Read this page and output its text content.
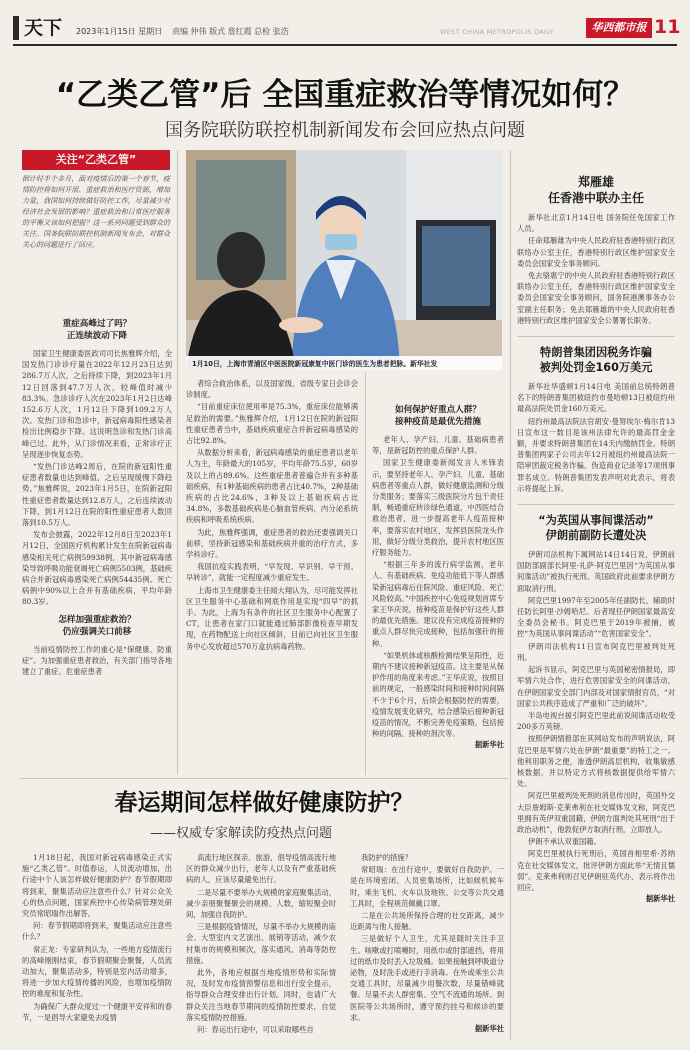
天下 2023年1月15日 星期日 责编 仲伟 版式 詹红霞 总检 张浩	WEST CHINA METROPOLIS DAILY	华西都市报 11
“乙类乙管”后 全国重症救治等情况如何？
国务院联防联控机制新闻发布会回应热点问题
关注“乙类乙管”
倒计时半个多月，面对疫情后的第一个春节，疫情防控将如何开展、重症救治和医疗资源，增加力量，我国如何持续做好防控工作，尽量减少对经济社会发展的影响？重症救治和日常医疗服务的平衡又该如何把握？这一系列问题受到群众的关注。国务院联防联控机制新闻发布会，对群众关心的问题进行了回应。
1月10日，上海市青浦区中医医院新冠康复中医门诊的医生为患者把脉。新华社发
重症高峰过了吗？
正连续波动下降
国家卫生健康委医政司司长焦雅辉介绍，全国发热门诊诊疗量在2022年12月23日达到286.7万人次，之后持续下降，到2023年1月12日回落到47.7万人次，较峰值时减少83.3%。急诊诊疗人次在2023年1月2日达峰152.6万人次，1月12日下降到109.2万人次。发热门诊和急诊中，新冠病毒阳性感染者检出比例稳步下降。这说明急诊和发热门诊高峰已过。此外，从门诊情况来看，正常诊疗正呈现逐步恢复态势。
“发热门诊达峰2周后，在院的新冠阳性重症患者数量也达到峰值，之后呈现缓慢下降趋势。”焦雅辉说，2023年1月5日，在院新冠阳性重症患者数量达到12.8万人，之后连续波动下降，到1月12日在院的阳性重症患者人数回落到10.5万人。
发布会披露，2022年12月8日至2023年1月12日，全国医疗机构累计发生在院新冠病毒感染相关死亡病例59938例，其中新冠病毒感染导致呼吸功能衰竭死亡病例5503例，基础疾病合并新冠病毒感染死亡病例54435例。死亡病例中90%以上合并有基础疾病，平均年龄80.3岁。
怎样加强重症救治？
仍应强调关口前移
当前疫情防控工作的重心是“保健康、防重症”。为加强重症患者救治，有关部门指导各地建立了重症、危重症患者
者综合救治体系，以及国家级、省级专家日会诊会诊制度。
“目前重症床位使用率是75.3%，重症床位能够满足救治的需要。”焦雅辉介绍，1月12日在院的新冠阳性重症患者当中，基础疾病重症合并新冠病毒感染的占比92.8%。
从数据分析来看，新冠病毒感染的重症患者以老年人为主，年龄最大的105岁，平均年龄75.5岁，60岁及以上的占89.6%。这些重症患者普遍合并有多种基础疾病，有1种基础疾病的患者占比40.7%，2种基础疾病的占比24.6%，3种及以上基础疾病占比34.8%，多数基础疾病是心脑血管疾病，内分泌系统疾病和呼吸系统疾病。
为此，焦雅辉强调，重症患者的救治还要强调关口前移，坚持新冠感染和基础疾病并重的治疗方式，多学科诊疗。
我国抗疫实践表明，“早发现、早识别、早干预、早转诊”，就能一定程度减少重症发生。
上海市卫生健康委主任闻大翔认为，尽可能发挥社区卫生服务中心基础和网底作用是实现“四早”的抓手。为此，上海为有条件的社区卫生服务中心配置了CT，让患者在家门口就能通过肺部影像检查早期发现，在药物配送上向社区倾斜，目前已向社区卫生服务中心发放超过570万盒抗病毒药物。
如何保护好重点人群？
接种疫苗是最优先措施
老年人、孕产妇、儿童、基础病患者等，是新冠防控的重点保护人群。
国家卫生健康委新闻发言人米锋表示，要坚持老年人、孕产妇、儿童、基础病患者等重点人群，做好健康监测和分级分类服务；要落实三级医院分片包干责任制，畅通重症转诊绿色通道，中西医结合救治患者，进一步提高老年人疫苗接种率，要落实农村地区，发挥县医院龙头作用，做好分级分类救治，提升农村地区医疗服务能力。
“根据三年多的流行病学监测，老年人、有基础疾病、免疫功能低下等人群感染新冠病毒后住院风险、重症风险、死亡风险较高。”中国疾控中心免疫规划首席专家王华庆说，接种疫苗是保护好这些人群的最优先措施。建议没有完成疫苗接种的重点人群尽快完成接种，包括加强针的接种。
“如果机体或核酸检测结果呈阳性，近期内不建议接种新冠疫苗。这主要是从保护作用的角度来考虑。”王华庆说，按照目前的规定，一般感染时间和接种时间间隔不少于6个月，后续会根据防控的需要，疫情发展变化研究，结合感染后接种新冠疫苗的情况，不断完善免疫策略，包括接种的间隔、接种的剂次等。
据新华社
郑雁雄
任香港中联办主任
新华社北京1月14日电 国务院任免国家工作人员。
任命郑雁雄为中央人民政府驻香港特别行政区联络办公室主任，香港特别行政区维护国家安全委员会国家安全事务顾问。
免去骆惠宁的中央人民政府驻香港特别行政区联络办公室主任，香港特别行政区维护国家安全委员会国家安全事务顾问，国务院港澳事务办公室副主任职务；免去郑雁雄的中央人民政府驻香港特别行政区维护国家安全公署署长职务。
特朗普集团因税务诈骗
被判处罚金160万美元
新华社华盛顿1月14日电 美国前总统特朗普名下的特朗普集团被纽约市曼哈顿13日被纽约州最高法院处罚金160万美元。
纽约州最高法院法官胡安·曼努埃尔·梅尔肯13日宣布这一数目是该州法律允许的最高罚金金额，并要求特朗普集团在14天内缴纳罚金。特朗普集团两家子公司去年12月被纽约州最高法院一陪审团裁定税务诈骗、伪造商业记录等17项刑事罪名成立。特朗普集团发表声明对此表示，将表示将提起上诉。
“为英国从事间谍活动”
伊朗前副防长遭处决
伊朗司法机构下属网站14日14日说，伊朗前国防部副部长阿里·礼萨·阿克巴里因“为英国从事间谍活动”被执行死刑。英国政府此前要求伊朗方面取消行刑。
阿克巴里1997年至2005年任副防长，辅助时任防长阿里·沙姆哈尼。后者现任伊朗国家最高安全委员会秘书。阿克巴里于2019年被捕，被控“为英国从事间谍活动”“危害国家安全”。
伊朗司法机构11日宣布阿克巴里被判处死刑。
起诉书显示，阿克巴里与英国秘密情报局，即军情六处合作，进行危害国家安全的间谍活动，在伊朗国家安全部门内部及对国家情报官员，“对国家公共秩序造成了严重和广泛的破坏”。
半岛电视台援引阿克巴里此前说间谍活动收受200多万英镑。
按照伊朗情报部在其网站发布的声明说法，阿克巴里是军情六处在伊朗“最重要”的特工之一。他利用职务之便，渗透伊朗高层机构，收集敏感核数据，并以特定方式将核数据提供给军情六处。
阿克巴里被判处死刑的消息传出时，英国外交大臣詹姆斯·克莱弗利在社交媒体发文称，阿克巴里拥有英伊双重国籍，伊朗方面判处其死刑“出于政治动机”，他敦促伊方取消行刑，立即放人。
伊朗不承认双重国籍。
阿克巴里被执行死刑后，英国首相里希·苏纳克在社交媒体发文，批评伊朗方面此举“无情且懦弱”。克莱弗利则召见伊朗驻英代办，表示将作出回应。
据新华社
春运期间怎样做好健康防护？
——权威专家解读防疫热点问题
1月18日起，我国对新冠病毒感染正式实施“乙类乙管”。时值春运，人员流动增加，出行途中个人该怎样做好健康防护？春节假期即将到来，聚集活动应注意些什么？针对公众关心的热点问题，国家疾控中心传染病管理处研究员常昭瑞作出解答。
问：春节假期即将到来，聚集活动应注意些什么？
常正龙：专家研判认为，一些地方疫情流行的高峰刚刚结束，春节假期聚会聚餐，人员流动加大，聚集活动多，特别是室内活动增多，将进一步加大疫情传播的风险，也增加疫情防控的难度和复杂性。
为确保广大群众度过一个健康平安祥和的春节，一是倡导大家避免去疫情
高流行地区探亲、旅游，倡导疫情高流行地区的群众减少出行，老年人以及有严重基础疾病的人，应该尽量避免出行。
二是尽量不要举办大规模的家庭聚集活动，减少亲朋聚餐聚会的规模、人数，缩短聚会时间，加强自我防护。
三是根据疫情情况，尽量不举办大规模的庙会、大型室内文艺演出、展销等活动，减少农村集市的规模和频次，落实通风、消毒等防控措施。
此外，各地应根据当地疫情形势和实际情况，及时发布疫情预警信息和出行安全提示，指导群众合理安排出行计划。同时，也请广大群众关注当地春节期间的疫情防控要求，自觉落实疫情防控措施。
问：春运出行途中，可以采取哪些自
我防护的措施？
常昭瑞：在出行途中，要做好自我防护。一是在环境密闭、人员密集场所，比如候机候车时，乘坐飞机、火车以及地铁、公交等公共交通工具时，全程规范佩戴口罩。
二是在公共场所保持合理的社交距离，减少近距离与他人接触。
三是做好个人卫生，尤其是随时关注手卫生。咳嗽或打喷嚏时，用纸巾或肘部遮挡，将用过的纸巾及时丢入垃圾桶。如果接触到呼吸道分泌物，及时洗手或进行手消毒。在外或乘坐公共交通工具时，尽量减少用餐次数，尽量错峰就餐。尽量不去人群密集、空气不流通的场所。到医院等公共场所时，遵守预约挂号和候诊的要求。
据新华社
